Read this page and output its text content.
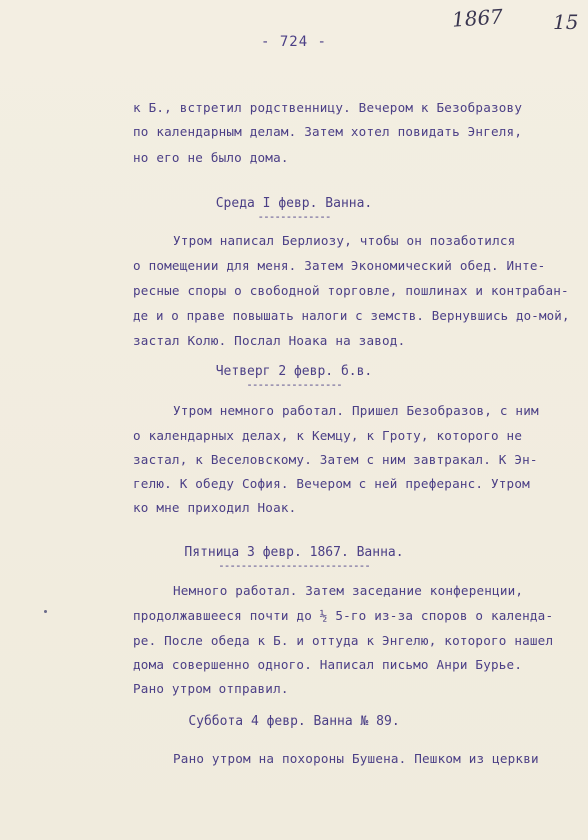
1867 15
- 724 -
к Б., встретил родственницу. Вечером к Безобразову
по календарным делам. Затем хотел повидать Энгеля,
но его не было дома.
Среда I февр. Ванна.
-------------
Утром написал Берлиозу, чтобы он позаботился
о помещении для меня. Затем Экономический обед. Инте-
ресные споры о свободной торговле, пошлинах и контрабан-
де и о праве повышать налоги с земств. Вернувшись до-мой,
застал Колю. Послал Ноака на завод.
Четверг 2 февр. б.в.
-----------------
Утром немного работал. Пришел Безобразов, с ним
о календарных делах, к Кемцу, к Гроту, которого не
застал, к Веселовскому. Затем с ним завтракал. К Эн-
гелю. К обеду София. Вечером с ней преферанс. Утром
ко мне приходил Ноак.
Пятница 3 февр. 1867. Ванна.
---------------------------
Немного работал. Затем заседание конференции,
продолжавшееся почти до ½ 5-го из-за споров о календа-
ре. После обеда к Б. и оттуда к Энгелю, которого нашел
дома совершенно одного. Написал письмо Анри Бурье.
Рано утром отправил.
Суббота 4 февр. Ванна № 89.
Рано утром на похороны Бушена. Пешком из церкви
